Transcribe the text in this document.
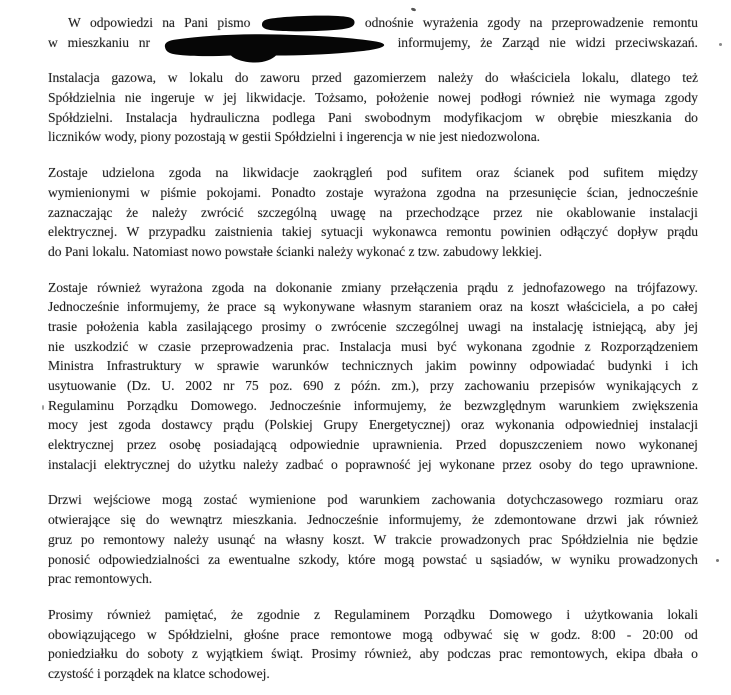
W odpowiedzi na Pani pismo	odnośnie wyrażenia zgody na przeprowadzenie remontu
w mieszkaniu nr	informujemy, że Zarząd nie widzi przeciwskazań.
Instalacja gazowa, w lokalu do zaworu przed gazomierzem należy do właściciela lokalu, dlatego też
Spółdzielnia nie ingeruje w jej likwidacje. Tożsamo, położenie nowej podłogi również nie wymaga zgody
Spółdzielni. Instalacja hydrauliczna podlega Pani swobodnym modyfikacjom w obrębie mieszkania do
liczników wody, piony pozostają w gestii Spółdzielni i ingerencja w nie jest niedozwolona.
Zostaje udzielona zgoda na likwidacje zaokrągleń pod sufitem oraz ścianek pod sufitem między
wymienionymi w piśmie pokojami. Ponadto zostaje wyrażona zgodna na przesunięcie ścian, jednocześnie
zaznaczając że należy zwrócić szczególną uwagę na przechodzące przez nie okablowanie instalacji
elektrycznej. W przypadku zaistnienia takiej sytuacji wykonawca remontu powinien odłączyć dopływ prądu
do Pani lokalu. Natomiast nowo powstałe ścianki należy wykonać z tzw. zabudowy lekkiej.
Zostaje również wyrażona zgoda na dokonanie zmiany przełączenia prądu z jednofazowego na trójfazowy.
Jednocześnie informujemy, że prace są wykonywane własnym staraniem oraz na koszt właściciela, a po całej
trasie położenia kabla zasilającego prosimy o zwrócenie szczególnej uwagi na instalację istniejącą, aby jej
nie uszkodzić w czasie przeprowadzenia prac. Instalacja musi być wykonana zgodnie z Rozporządzeniem
Ministra Infrastruktury w sprawie warunków technicznych jakim powinny odpowiadać budynki i ich
usytuowanie (Dz. U. 2002 nr 75 poz. 690 z późn. zm.), przy zachowaniu przepisów wynikających z
Regulaminu Porządku Domowego. Jednocześnie informujemy, że bezwzględnym warunkiem zwiększenia
mocy jest zgoda dostawcy prądu (Polskiej Grupy Energetycznej) oraz wykonania odpowiedniej instalacji
elektrycznej przez osobę posiadającą odpowiednie uprawnienia. Przed dopuszczeniem nowo wykonanej
instalacji elektrycznej do użytku należy zadbać o poprawność jej wykonane przez osoby do tego uprawnione.
Drzwi wejściowe mogą zostać wymienione pod warunkiem zachowania dotychczasowego rozmiaru oraz
otwierające się do wewnątrz mieszkania. Jednocześnie informujemy, że zdemontowane drzwi jak również
gruz po remontowy należy usunąć na własny koszt. W trakcie prowadzonych prac Spółdzielnia nie będzie
ponosić odpowiedzialności za ewentualne szkody, które mogą powstać u sąsiadów, w wyniku prowadzonych
prac remontowych.
Prosimy również pamiętać, że zgodnie z Regulaminem Porządku Domowego i użytkowania lokali
obowiązującego w Spółdzielni, głośne prace remontowe mogą odbywać się w godz. 8:00 - 20:00 od
poniedziałku do soboty z wyjątkiem świąt. Prosimy również, aby podczas prac remontowych, ekipa dbała o
czystość i porządek na klatce schodowej.
